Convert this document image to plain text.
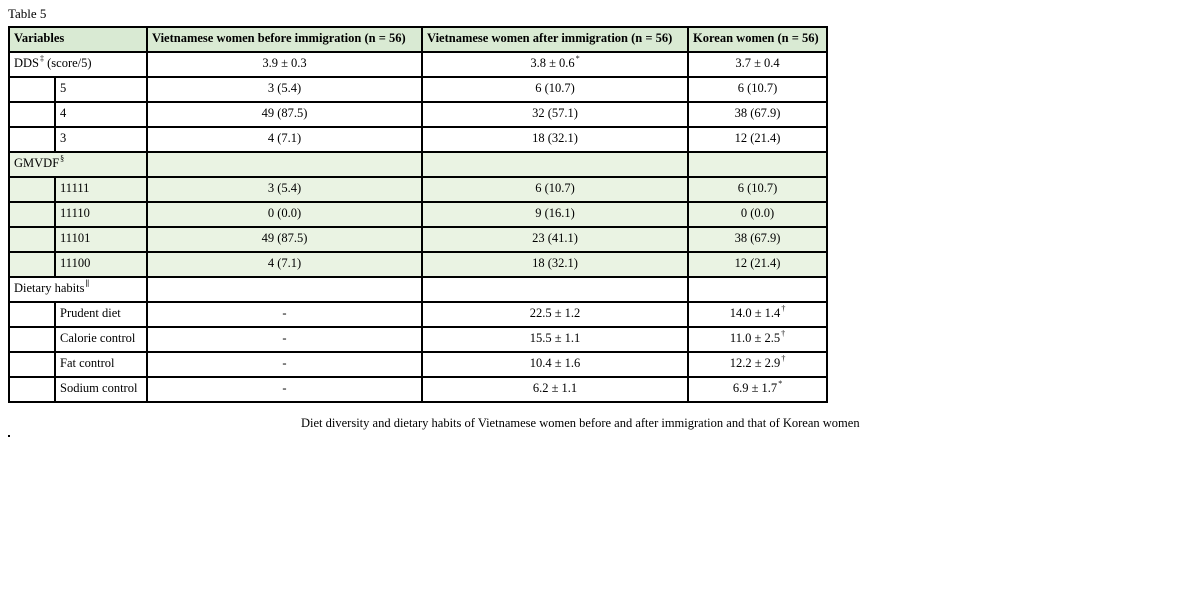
Table 5
Variables		Vietnamese women before immigration (n = 56)	Vietnamese women after immigration (n = 56)	Korean women (n = 56)
DDS‡ (score/5)		3.9 ± 0.3	3.8 ± 0.6*	3.7 ± 0.4
	5	3 (5.4)	6 (10.7)	6 (10.7)
	4	49 (87.5)	32 (57.1)	38 (67.9)
	3	4 (7.1)	18 (32.1)	12 (21.4)
GMVDF§			
	11111	3 (5.4)	6 (10.7)	6 (10.7)
	11110	0 (0.0)	9 (16.1)	0 (0.0)
	11101	49 (87.5)	23 (41.1)	38 (67.9)
	11100	4 (7.1)	18 (32.1)	12 (21.4)
Dietary habits∥			
	Prudent diet	-	22.5 ± 1.2	14.0 ± 1.4†
	Calorie control	-	15.5 ± 1.1	11.0 ± 2.5†
	Fat control	-	10.4 ± 1.6	12.2 ± 2.9†
	Sodium control	-	6.2 ± 1.1	6.9 ± 1.7*
Diet diversity and dietary habits of Vietnamese women before and after immigration and that of Korean women
